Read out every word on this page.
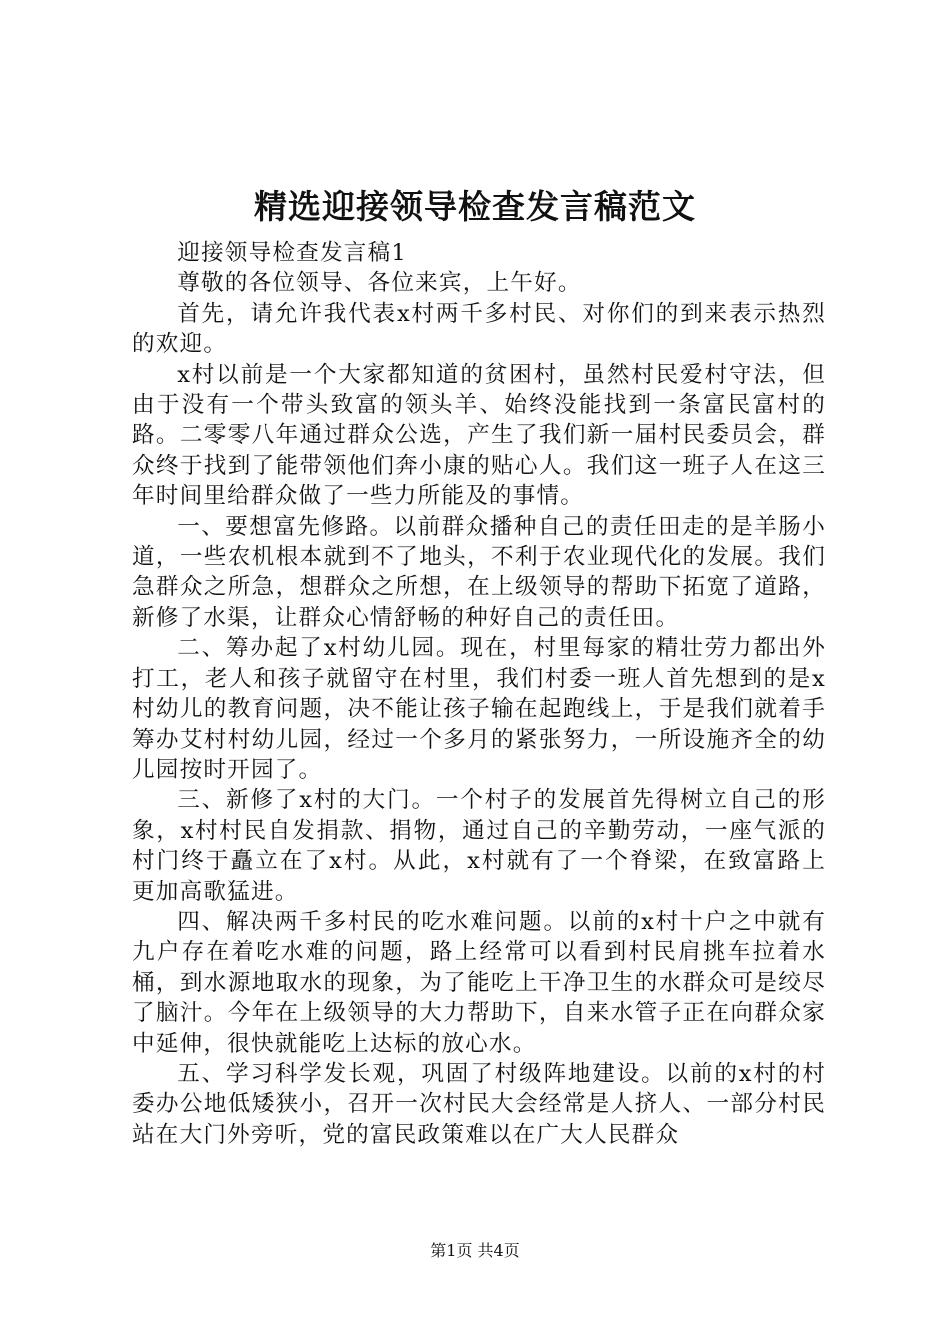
精选迎接领导检查发言稿范文

迎接领导检查发言稿1

尊敬的各位领导、各位来宾，上午好。

首先，请允许我代表x村两千多村民、对你们的到来表示热烈的欢迎。

x村以前是一个大家都知道的贫困村，虽然村民爱村守法，但由于没有一个带头致富的领头羊、始终没能找到一条富民富村的路。二零零八年通过群众公选，产生了我们新一届村民委员会，群众终于找到了能带领他们奔小康的贴心人。我们这一班子人在这三年时间里给群众做了一些力所能及的事情。

一、要想富先修路。以前群众播种自己的责任田走的是羊肠小道，一些农机根本就到不了地头，不利于农业现代化的发展。我们急群众之所急，想群众之所想，在上级领导的帮助下拓宽了道路，新修了水渠，让群众心情舒畅的种好自己的责任田。

二、筹办起了x村幼儿园。现在，村里每家的精壮劳力都出外打工，老人和孩子就留守在村里，我们村委一班人首先想到的是x村幼儿的教育问题，决不能让孩子输在起跑线上，于是我们就着手筹办艾村村幼儿园，经过一个多月的紧张努力，一所设施齐全的幼儿园按时开园了。

三、新修了x村的大门。一个村子的发展首先得树立自己的形象，x村村民自发捐款、捐物，通过自己的辛勤劳动，一座气派的村门终于矗立在了x村。从此，x村就有了一个脊梁，在致富路上更加高歌猛进。

四、解决两千多村民的吃水难问题。以前的x村十户之中就有九户存在着吃水难的问题，路上经常可以看到村民肩挑车拉着水桶，到水源地取水的现象，为了能吃上干净卫生的水群众可是绞尽了脑汁。今年在上级领导的大力帮助下，自来水管子正在向群众家中延伸，很快就能吃上达标的放心水。

五、学习科学发长观，巩固了村级阵地建设。以前的x村的村委办公地低矮狭小，召开一次村民大会经常是人挤人、一部分村民站在大门外旁听，党的富民政策难以在广大人民群众

第1页 共4页
